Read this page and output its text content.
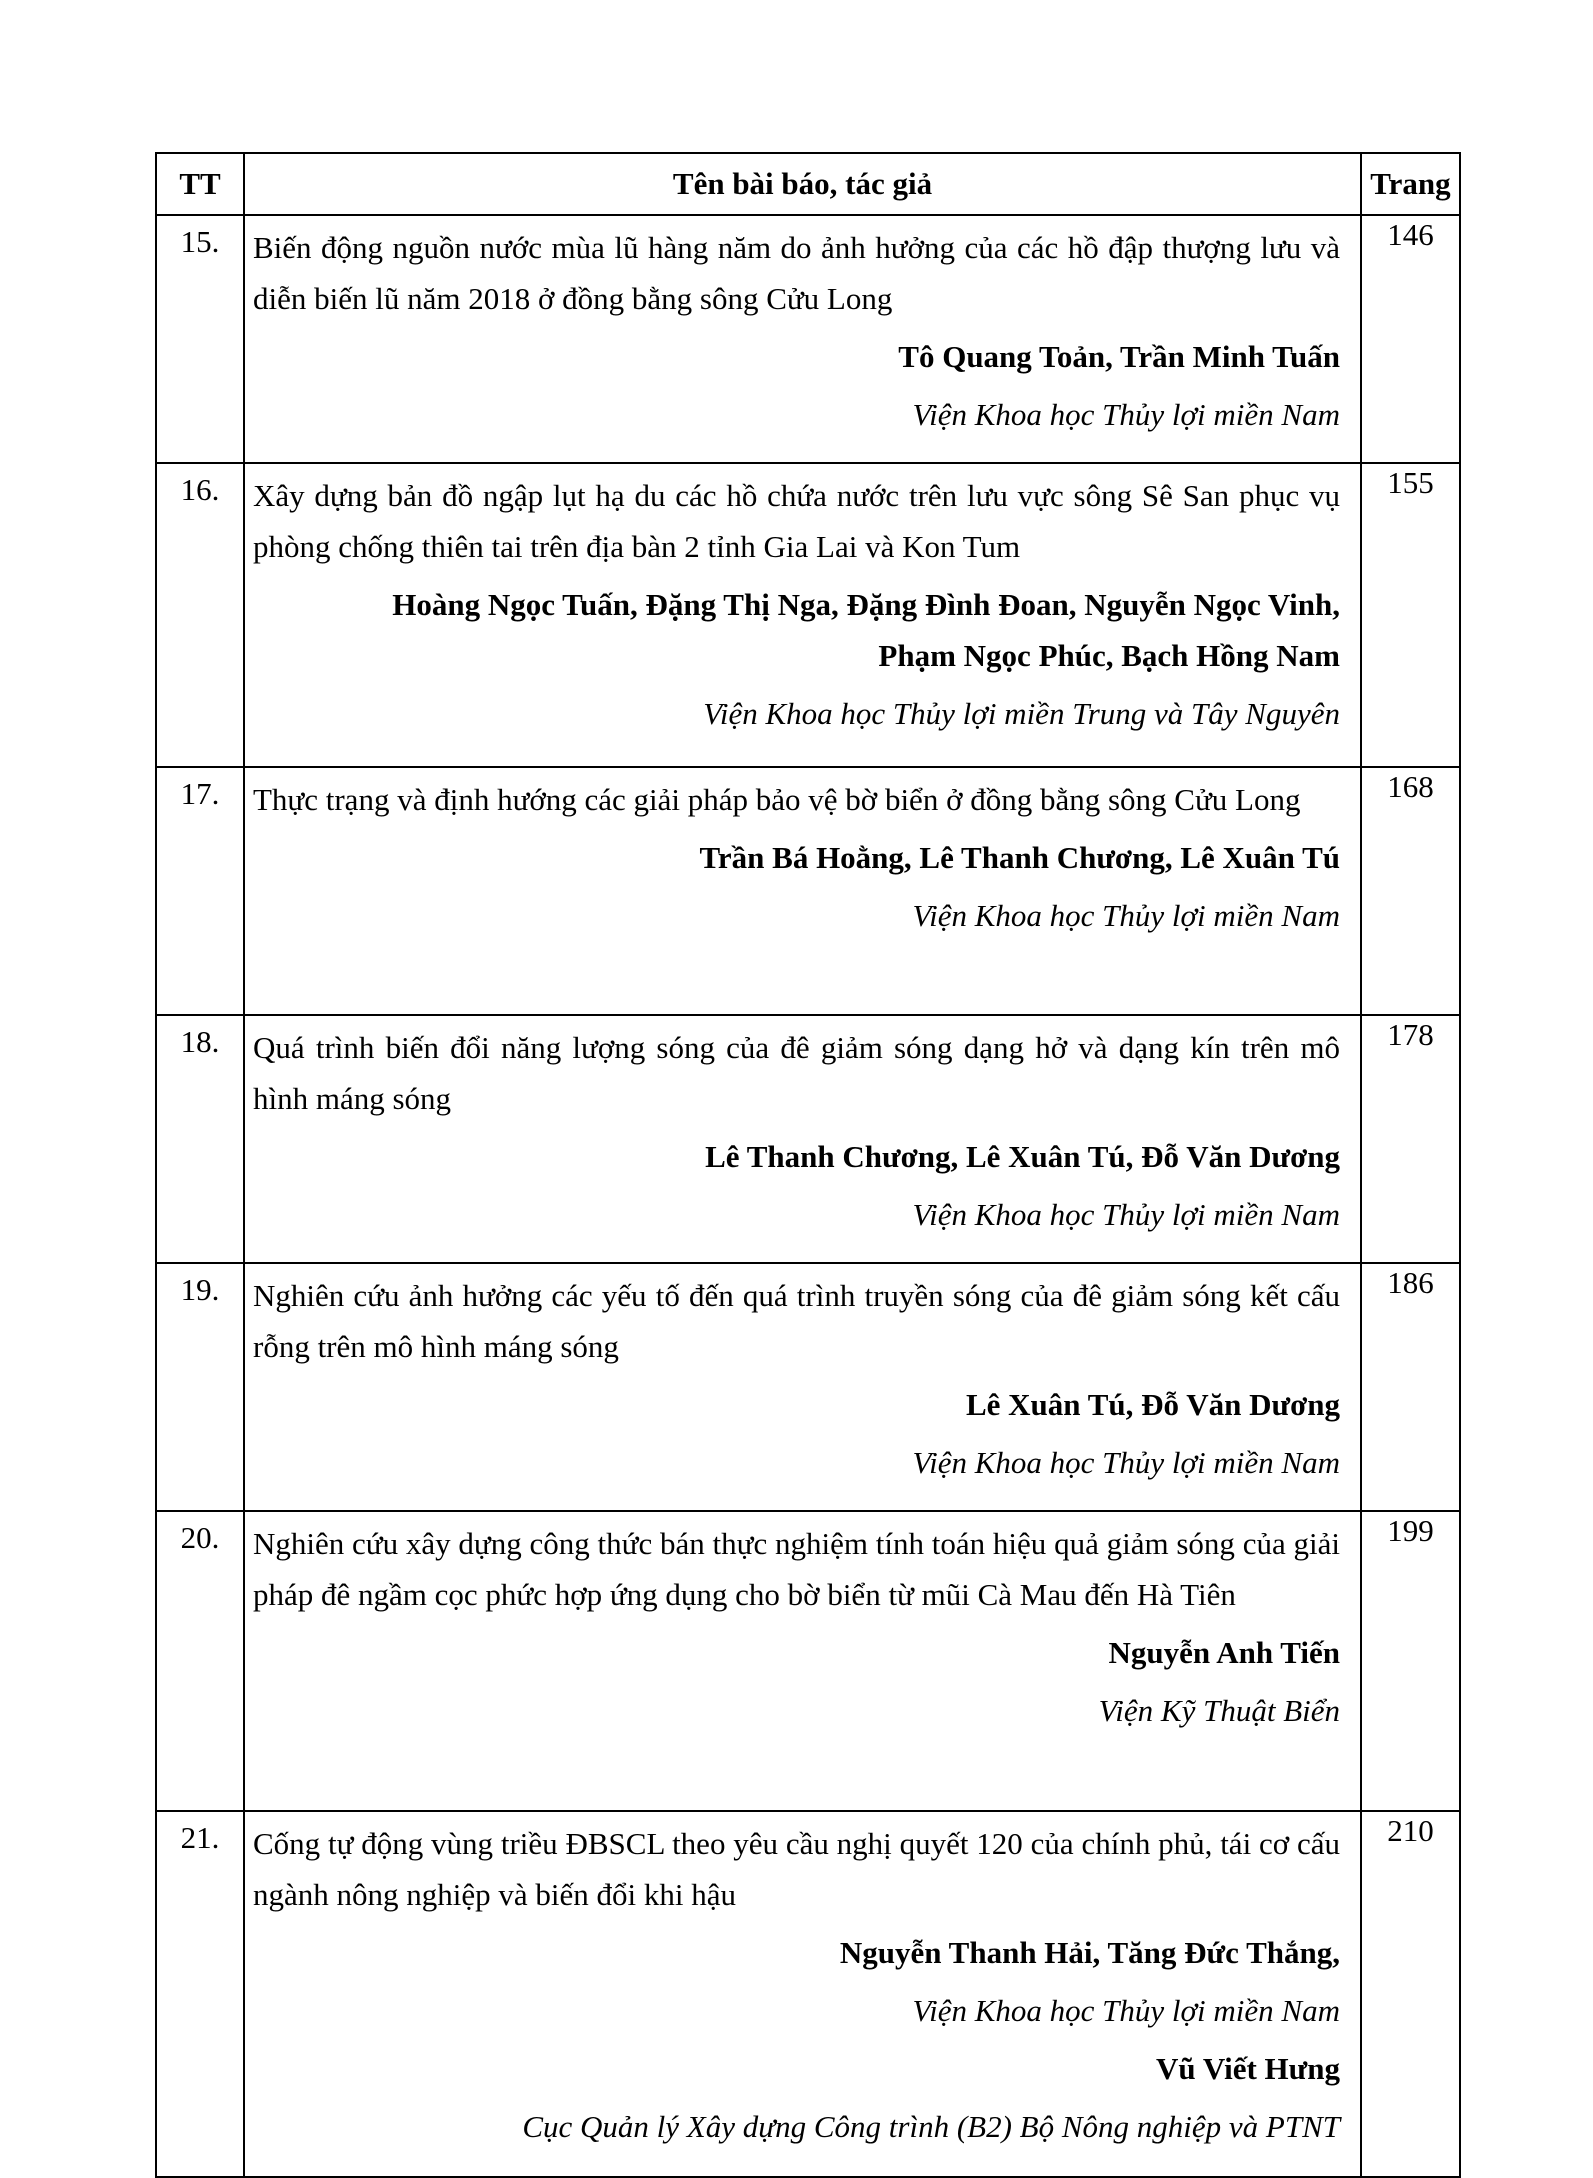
TT	Tên bài báo, tác giả	Trang
15.	Biến động nguồn nước mùa lũ hàng năm do ảnh hưởng của các hồ đập thượng lưu và diễn biến lũ năm 2018 ở đồng bằng sông Cửu Long
Tô Quang Toản, Trần Minh Tuấn
Viện Khoa học Thủy lợi miền Nam	146
16.	Xây dựng bản đồ ngập lụt hạ du các hồ chứa nước trên lưu vực sông Sê San phục vụ phòng chống thiên tai trên địa bàn 2 tỉnh Gia Lai và Kon Tum
Hoàng Ngọc Tuấn, Đặng Thị Nga, Đặng Đình Đoan, Nguyễn Ngọc Vinh,
Phạm Ngọc Phúc, Bạch Hồng Nam
Viện Khoa học Thủy lợi miền Trung và Tây Nguyên	155
17.	Thực trạng và định hướng các giải pháp bảo vệ bờ biển ở đồng bằng sông Cửu Long
Trần Bá Hoằng, Lê Thanh Chương, Lê Xuân Tú
Viện Khoa học Thủy lợi miền Nam	168
18.	Quá trình biến đổi năng lượng sóng của đê giảm sóng dạng hở và dạng kín trên mô hình máng sóng
Lê Thanh Chương, Lê Xuân Tú, Đỗ Văn Dương
Viện Khoa học Thủy lợi miền Nam	178
19.	Nghiên cứu ảnh hưởng các yếu tố đến quá trình truyền sóng của đê giảm sóng kết cấu rỗng trên mô hình máng sóng
Lê Xuân Tú, Đỗ Văn Dương
Viện Khoa học Thủy lợi miền Nam	186
20.	Nghiên cứu xây dựng công thức bán thực nghiệm tính toán hiệu quả giảm sóng của giải pháp đê ngầm cọc phức hợp ứng dụng cho bờ biển từ mũi Cà Mau đến Hà Tiên
Nguyễn Anh Tiến
Viện Kỹ Thuật Biển	199
21.	Cống tự động vùng triều ĐBSCL theo yêu cầu nghị quyết 120 của chính phủ, tái cơ cấu ngành nông nghiệp và biến đổi khi hậu
Nguyễn Thanh Hải, Tăng Đức Thắng,
Viện Khoa học Thủy lợi miền Nam
Vũ Viết Hưng
Cục Quản lý Xây dựng Công trình (B2) Bộ Nông nghiệp và PTNT	210
